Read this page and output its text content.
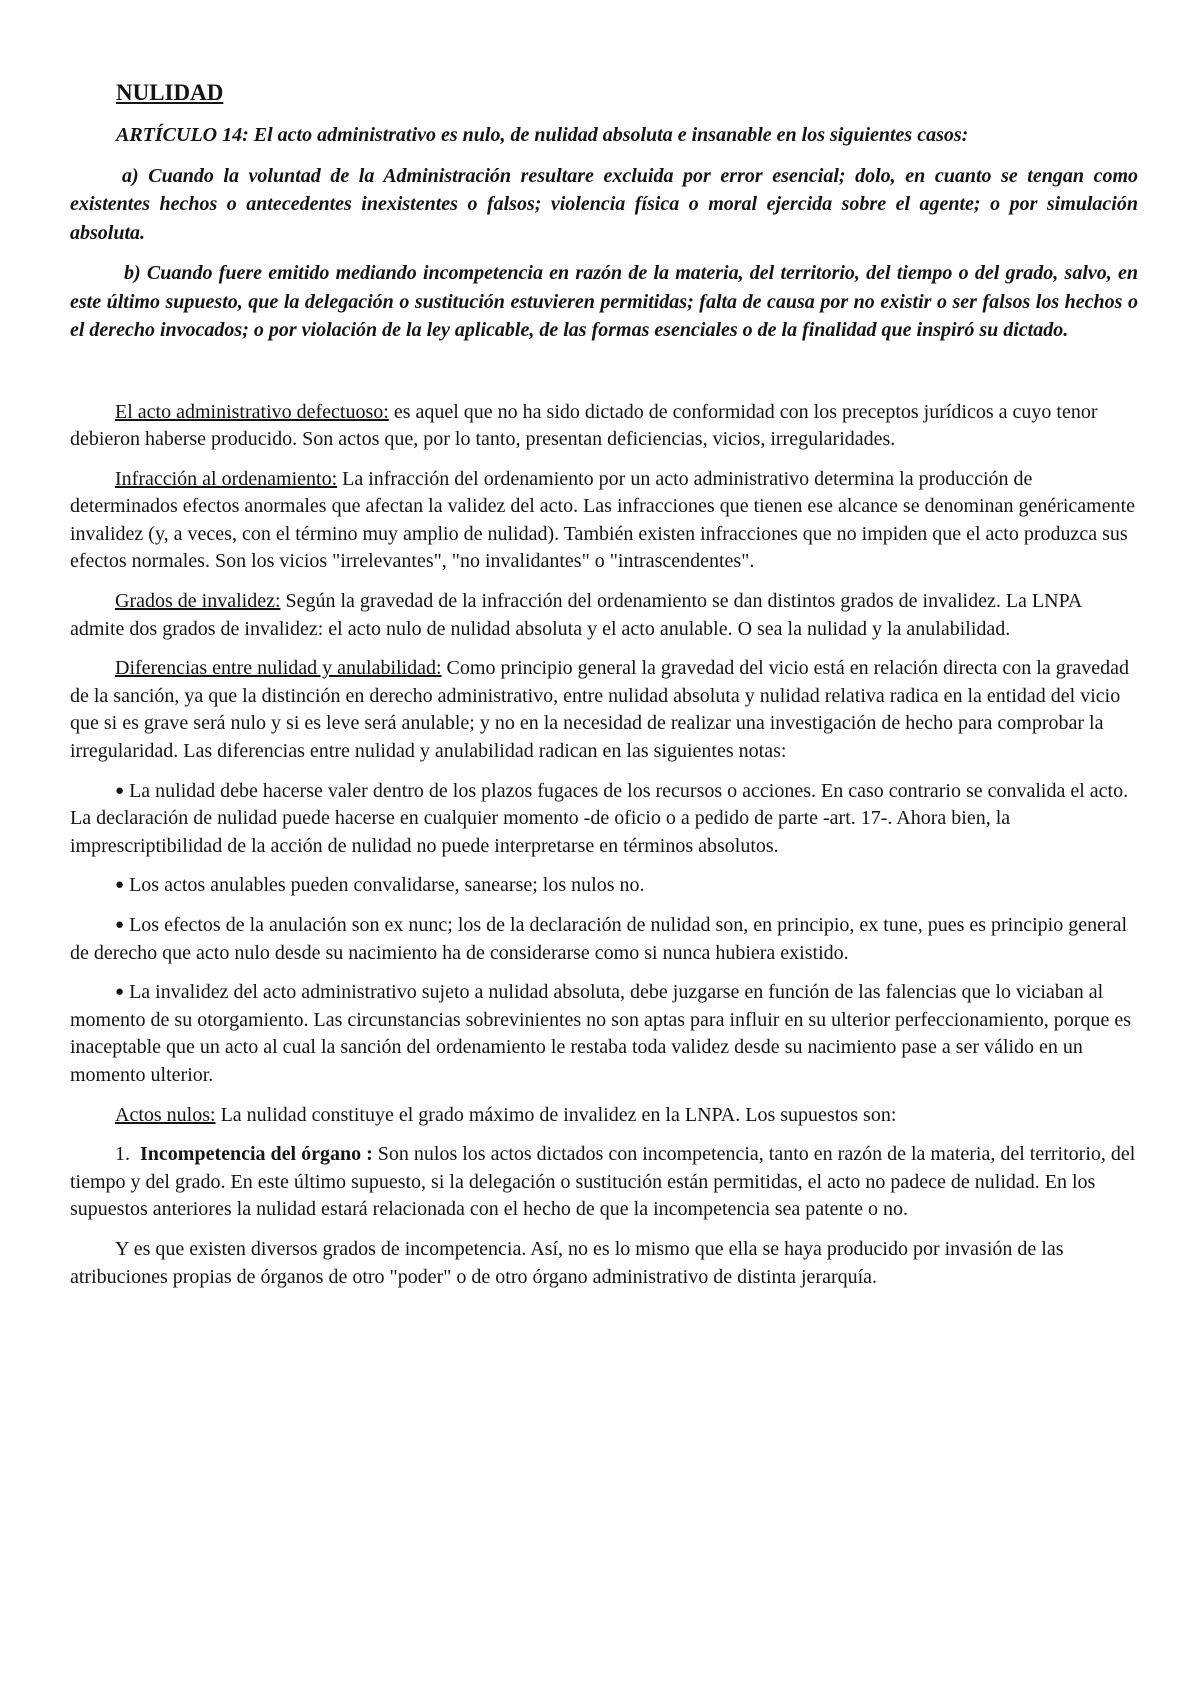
NULIDAD

ARTÍCULO 14: El acto administrativo es nulo, de nulidad absoluta e insanable en los siguientes casos:

a) Cuando la voluntad de la Administración resultare excluida por error esencial; dolo, en cuanto se tengan como existentes hechos o antecedentes inexistentes o falsos; violencia física o moral ejercida sobre el agente; o por simulación absoluta.

b) Cuando fuere emitido mediando incompetencia en razón de la materia, del territorio, del tiempo o del grado, salvo, en este último supuesto, que la delegación o sustitución estuvieren permitidas; falta de causa por no existir o ser falsos los hechos o el derecho invocados; o por violación de la ley aplicable, de las formas esenciales o de la finalidad que inspiró su dictado.

El acto administrativo defectuoso: es aquel que no ha sido dictado de conformidad con los preceptos jurídicos a cuyo tenor debieron haberse producido. Son actos que, por lo tanto, presentan deficiencias, vicios, irregularidades.

Infracción al ordenamiento: La infracción del ordenamiento por un acto administrativo determina la producción de determinados efectos anormales que afectan la validez del acto. Las infracciones que tienen ese alcance se denominan genéricamente invalidez (y, a veces, con el término muy amplio de nulidad). También existen infracciones que no impiden que el acto produzca sus efectos normales. Son los vicios "irrelevantes", "no invalidantes" o "intrascendentes".

Grados de invalidez: Según la gravedad de la infracción del ordenamiento se dan distintos grados de invalidez. La LNPA admite dos grados de invalidez: el acto nulo de nulidad absoluta y el acto anulable. O sea la nulidad y la anulabilidad.

Diferencias entre nulidad y anulabilidad: Como principio general la gravedad del vicio está en relación directa con la gravedad de la sanción, ya que la distinción en derecho administrativo, entre nulidad absoluta y nulidad relativa radica en la entidad del vicio que si es grave será nulo y si es leve será anulable; y no en la necesidad de realizar una investigación de hecho para comprobar la irregularidad. Las diferencias entre nulidad y anulabilidad radican en las siguientes notas:

● La nulidad debe hacerse valer dentro de los plazos fugaces de los recursos o acciones. En caso contrario se convalida el acto. La declaración de nulidad puede hacerse en cualquier momento -de oficio o a pedido de parte -art. 17-. Ahora bien, la imprescriptibilidad de la acción de nulidad no puede interpretarse en términos absolutos.

● Los actos anulables pueden convalidarse, sanearse; los nulos no.

● Los efectos de la anulación son ex nunc; los de la declaración de nulidad son, en principio, ex tune, pues es principio general de derecho que acto nulo desde su nacimiento ha de considerarse como si nunca hubiera existido.

● La invalidez del acto administrativo sujeto a nulidad absoluta, debe juzgarse en función de las falencias que lo viciaban al momento de su otorgamiento. Las circunstancias sobrevinientes no son aptas para influir en su ulterior perfeccionamiento, porque es inaceptable que un acto al cual la sanción del ordenamiento le restaba toda validez desde su nacimiento pase a ser válido en un momento ulterior.

Actos nulos: La nulidad constituye el grado máximo de invalidez en la LNPA. Los supuestos son:

1. Incompetencia del órgano : Son nulos los actos dictados con incompetencia, tanto en razón de la materia, del territorio, del tiempo y del grado. En este último supuesto, si la delegación o sustitución están permitidas, el acto no padece de nulidad. En los supuestos anteriores la nulidad estará relacionada con el hecho de que la incompetencia sea patente o no.

Y es que existen diversos grados de incompetencia. Así, no es lo mismo que ella se haya producido por invasión de las atribuciones propias de órganos de otro "poder" o de otro órgano administrativo de distinta jerarquía.
